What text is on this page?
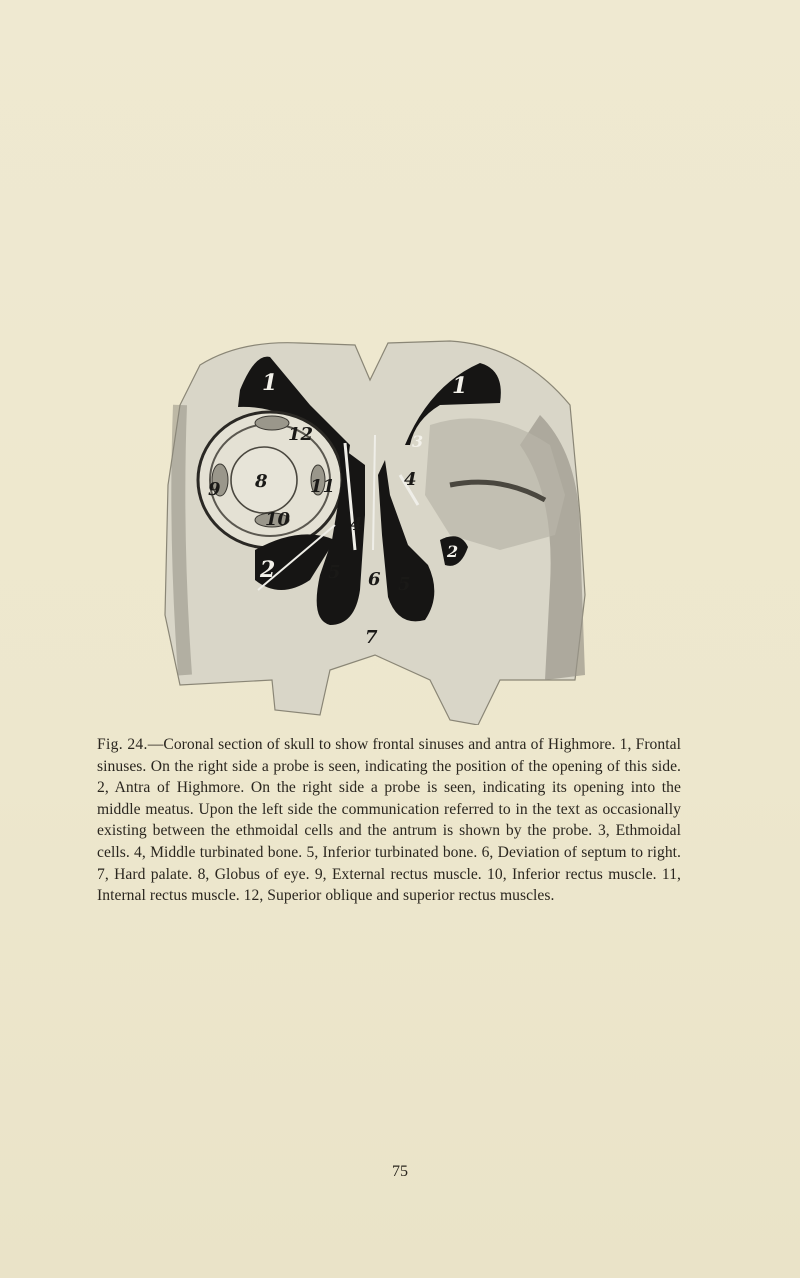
1	1
2
8
9
10
11
12
5 6 5
7
4
4
3
2
Fig. 24.—Coronal section of skull to show frontal sinuses and antra of Highmore. 1, Frontal sinuses. On the right side a probe is seen, indicating the position of the opening of this side. 2, Antra of Highmore. On the right side a probe is seen, indicating its opening into the middle meatus. Upon the left side the communication referred to in the text as occasionally existing between the ethmoidal cells and the antrum is shown by the probe. 3, Ethmoidal cells. 4, Middle turbinated bone. 5, Inferior turbinated bone. 6, Deviation of septum to right. 7, Hard palate. 8, Globus of eye. 9, External rectus muscle. 10, Inferior rectus muscle. 11, Internal rectus muscle. 12, Superior oblique and superior rectus muscles.
75
